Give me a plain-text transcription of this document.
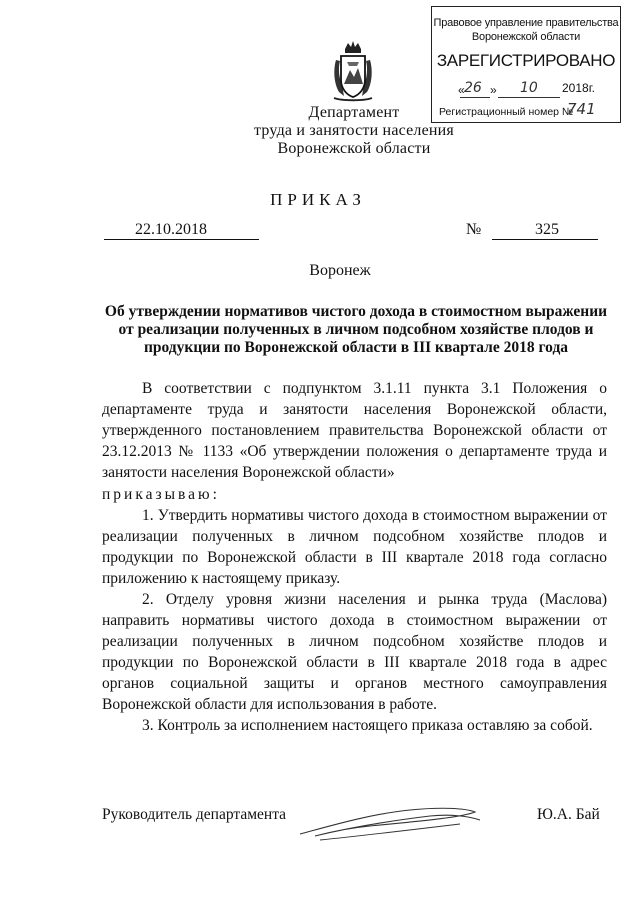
Правовое управление правительства
Воронежской области
ЗАРЕГИСТРИРОВАНО
« 26 » 10 2018г.
Регистрационный номер №
741
Департамент
труда и занятости населения
Воронежской области
ПРИКАЗ
22.10.2018	№	325
Воронеж
Об утверждении нормативов чистого дохода в стоимостном выражении от реализации полученных в личном подсобном хозяйстве плодов и продукции по Воронежской области в III квартале 2018 года

В соответствии с подпунктом 3.1.11 пункта 3.1 Положения о департаменте труда и занятости населения Воронежской области, утвержденного постановлением правительства Воронежской области от 23.12.2013 № 1133 «Об утверждении положения о департаменте труда и занятости населения Воронежской области»

приказываю:

1. Утвердить нормативы чистого дохода в стоимостном выражении от реализации полученных в личном подсобном хозяйстве плодов и продукции по Воронежской области в III квартале 2018 года согласно приложению к настоящему приказу.

2. Отделу уровня жизни населения и рынка труда (Маслова) направить нормативы чистого дохода в стоимостном выражении от реализации полученных в личном подсобном хозяйстве плодов и продукции по Воронежской области в III квартале 2018 года в адрес органов социальной защиты и органов местного самоуправления Воронежской области для использования в работе.

3. Контроль за исполнением настоящего приказа оставляю за собой.

Руководитель департамента	Ю.А. Бай
